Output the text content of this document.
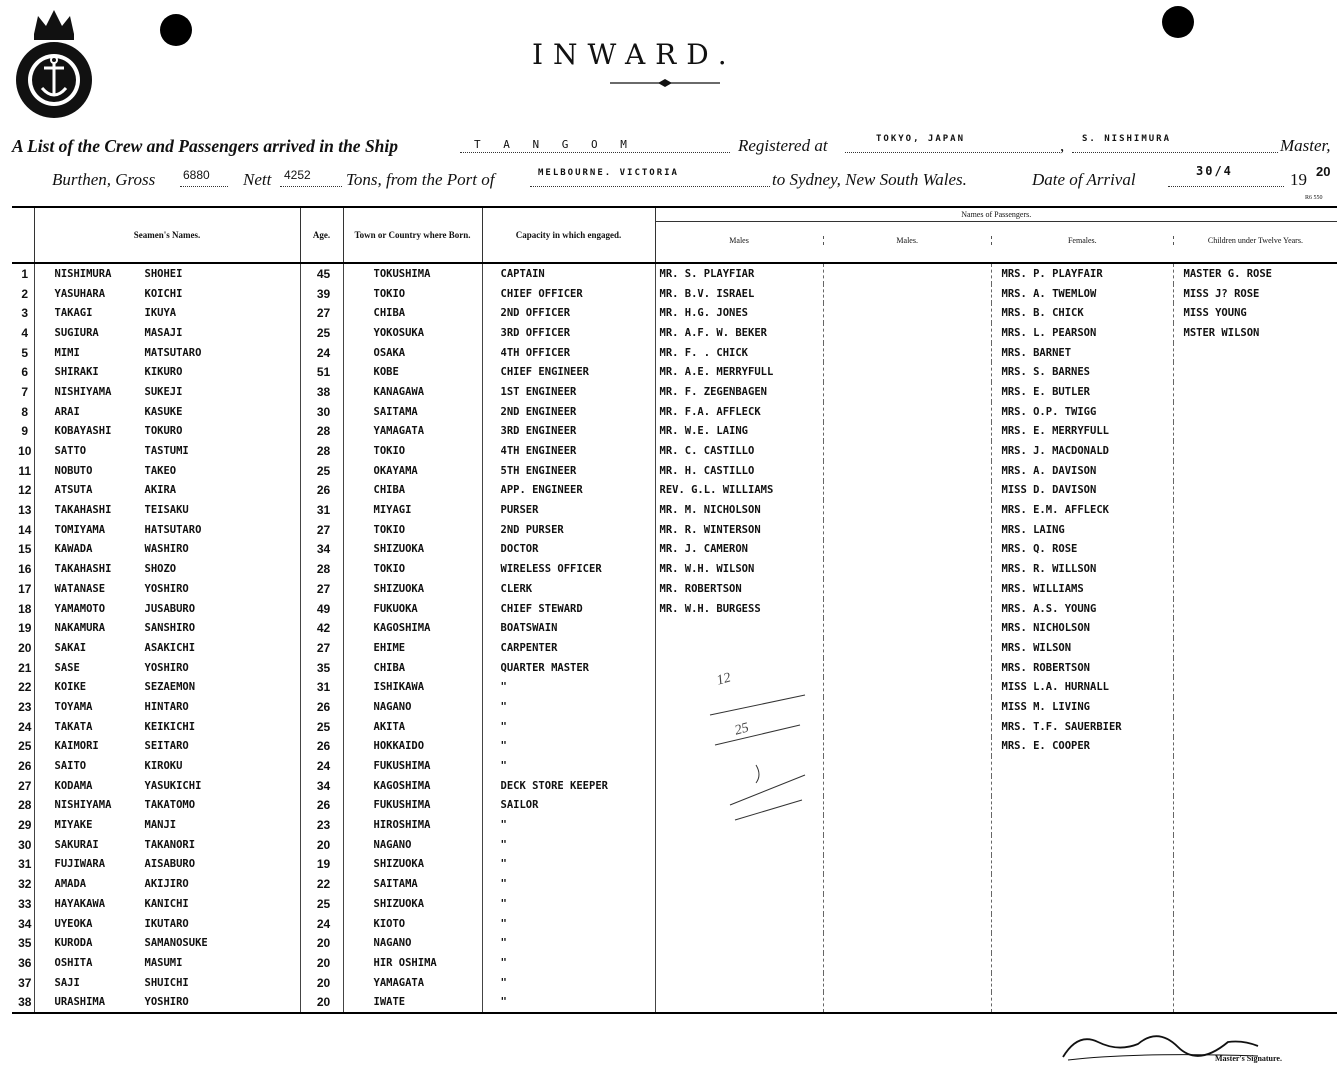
INWARD.
A List of the Crew and Passengers arrived in the Ship	T A N G O M	Registered at	TOKYO, JAPAN	, S. NISHIMURA	Master,
Burthen, Gross 6880 Nett 4252 Tons, from the Port of	MELBOURNE. VICTORIA	to Sydney, New South Wales.	Date of Arrival	30/4	19 20
R6 550
	Seamen's Names.	Age.	Town or Country where Born.	Capacity in which engaged.	Names of Passengers.
Males Males. Females. Children under Twelve Years.			

1	NISHIMURA SHOHEI	45	TOKUSHIMA	CAPTAIN	MR. S. PLAYFIAR		MRS. P. PLAYFAIR	MASTER G. ROSE
2	YASUHARA KOICHI	39	TOKIO	CHIEF OFFICER	MR. B.V. ISRAEL		MRS. A. TWEMLOW	MISS J? ROSE
3	TAKAGI IKUYA	27	CHIBA	2ND OFFICER	MR. H.G. JONES		MRS. B. CHICK	MISS YOUNG
4	SUGIURA MASAJI	25	YOKOSUKA	3RD OFFICER	MR. A.F. W. BEKER		MRS. L. PEARSON	MSTER WILSON
5	MIMI MATSUTARO	24	OSAKA	4TH OFFICER	MR. F. . CHICK		MRS. BARNET	
6	SHIRAKI KIKURO	51	KOBE	CHIEF ENGINEER	MR. A.E. MERRYFULL		MRS. S. BARNES	
7	NISHIYAMA SUKEJI	38	KANAGAWA	1ST ENGINEER	MR. F. ZEGENBAGEN		MRS. E. BUTLER	
8	ARAI KASUKE	30	SAITAMA	2ND ENGINEER	MR. F.A. AFFLECK		MRS. O.P. TWIGG	
9	KOBAYASHI TOKURO	28	YAMAGATA	3RD ENGINEER	MR. W.E. LAING		MRS. E. MERRYFULL	
10	SATTO TASTUMI	28	TOKIO	4TH ENGINEER	MR. C. CASTILLO		MRS. J. MACDONALD	
11	NOBUTO TAKEO	25	OKAYAMA	5TH ENGINEER	MR. H. CASTILLO		MRS. A. DAVISON	
12	ATSUTA AKIRA	26	CHIBA	APP. ENGINEER	REV. G.L. WILLIAMS		MISS D. DAVISON	
13	TAKAHASHI TEISAKU	31	MIYAGI	PURSER	MR. M. NICHOLSON		MRS. E.M. AFFLECK	
14	TOMIYAMA HATSUTARO	27	TOKIO	2ND PURSER	MR. R. WINTERSON		MRS. LAING	
15	KAWADA WASHIRO	34	SHIZUOKA	DOCTOR	MR. J. CAMERON		MRS. Q. ROSE	
16	TAKAHASHI SHOZO	28	TOKIO	WIRELESS OFFICER	MR. W.H. WILSON		MRS. R. WILLSON	
17	WATANASE YOSHIRO	27	SHIZUOKA	CLERK	MR. ROBERTSON		MRS. WILLIAMS	
18	YAMAMOTO JUSABURO	49	FUKUOKA	CHIEF STEWARD	MR. W.H. BURGESS		MRS. A.S. YOUNG	
19	NAKAMURA SANSHIRO	42	KAGOSHIMA	BOATSWAIN			MRS. NICHOLSON	
20	SAKAI ASAKICHI	27	EHIME	CARPENTER			MRS. WILSON	
21	SASE YOSHIRO	35	CHIBA	QUARTER MASTER			MRS. ROBERTSON	
22	KOIKE SEZAEMON	31	ISHIKAWA	"			MISS L.A. HURNALL	
23	TOYAMA HINTARO	26	NAGANO	"			MISS M. LIVING	
24	TAKATA KEIKICHI	25	AKITA	"			MRS. T.F. SAUERBIER	
25	KAIMORI SEITARO	26	HOKKAIDO	"			MRS. E. COOPER	
26	SAITO KIROKU	24	FUKUSHIMA	"				
27	KODAMA YASUKICHI	34	KAGOSHIMA	DECK STORE KEEPER				
28	NISHIYAMA TAKATOMO	26	FUKUSHIMA	SAILOR				
29	MIYAKE MANJI	23	HIROSHIMA	"				
30	SAKURAI TAKANORI	20	NAGANO	"				
31	FUJIWARA AISABURO	19	SHIZUOKA	"				
32	AMADA AKIJIRO	22	SAITAMA	"				
33	HAYAKAWA KANICHI	25	SHIZUOKA	"				
34	UYEOKA IKUTARO	24	KIOTO	"				
35	KURODA SAMANOSUKE	20	NAGANO	"				
36	OSHITA MASUMI	20	HIR OSHIMA	"				
37	SAJI SHUICHI	20	YAMAGATA	"				
38	URASHIMA YOSHIRO	20	IWATE	"				
12
25
Master's Signature.
